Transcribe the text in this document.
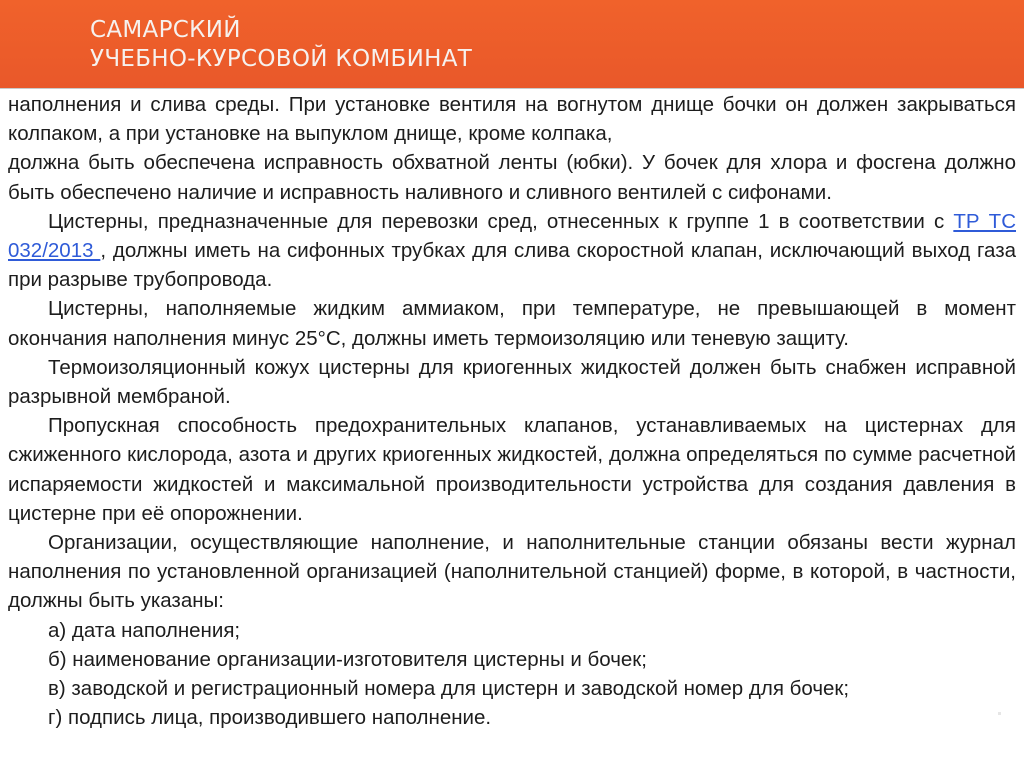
САМАРСКИЙ
УЧЕБНО-КУРСОВОЙ КОМБИНАТ

наполнения и слива среды. При установке вентиля на вогнутом днище бочки он должен закрываться колпаком, а при установке на выпуклом днище, кроме колпака,

должна быть обеспечена исправность обхватной ленты (юбки). У бочек для хлора и фосгена должно быть обеспечено наличие и исправность наливного и сливного вентилей с сифонами.

Цистерны, предназначенные для перевозки сред, отнесенных к группе 1 в соответствии с ТР ТС 032/2013 , должны иметь на сифонных трубках для слива скоростной клапан, исключающий выход газа при разрыве трубопровода.

Цистерны, наполняемые жидким аммиаком, при температуре, не превышающей в момент окончания наполнения минус 25°С, должны иметь термоизоляцию или теневую защиту.

Термоизоляционный кожух цистерны для криогенных жидкостей должен быть снабжен исправной разрывной мембраной.

Пропускная способность предохранительных клапанов, устанавливаемых на цистернах для сжиженного кислорода, азота и других криогенных жидкостей, должна определяться по сумме расчетной испаряемости жидкостей и максимальной производительности устройства для создания давления в цистерне при её опорожнении.

Организации, осуществляющие наполнение, и наполнительные станции обязаны вести журнал наполнения по установленной организацией (наполнительной станцией) форме, в которой, в частности, должны быть указаны:

а) дата наполнения;

б) наименование организации-изготовителя цистерны и бочек;

в) заводской и регистрационный номера для цистерн и заводской номер для бочек;

г) подпись лица, производившего наполнение.
